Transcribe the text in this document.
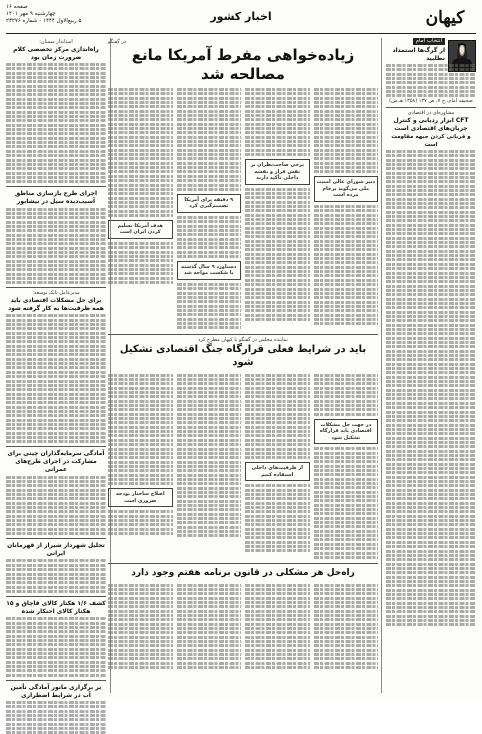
کیهان
اخبار کشور
صفحه ۱۶
چهارشنبه ۹ مهر ۱۴۰۱
۵ ربیع‌الاول ۱۴۴۴ - شماره ۲۳۲۷۶
انتخاب امام
از گرگ‌ها استمداد نطلبید
صحیفه امام، ج ۷، ص ۱۳۷ (۱۳۵۸ هـ.ش)
مشاوره‌ای در اقتصادی
CFT ابزار ردیابی و کنترل جریان‌های اقتصادی است
و قربانی کردن جبهه مقاومت است
در گفتگو
زیاده‌خواهی مفرط آمریکا مانع مصالحه شد
دبیر شورای عالی امنیت ملی می‌گوید برجام مرده است
برخی صاحب‌نظران بر نقش قرار و نقشه داخلی تأکید دارند
۹ دقیقه برای آمریکا تصمیم‌گیری کرد
دستاورد ۹ سال گذشته با شکست مواجه شد
هدف آمریکا تسلیم کردن ایران است
نماینده مجلس در گفتگو با کیهان مطرح کرد
باید در شرایط فعلی قرارگاه جنگ اقتصادی تشکیل شود
در جهت حل مشکلات اقتصادی باید قرارگاه تشکیل شود
از ظرفیت‌های داخلی استفاده کنیم
اصلاح ساختار بودجه ضروری است
راه‌حل هر مشکلی در قانون برنامه هفتم وجود دارد
استاندار سمنان:
راه‌اندازی مرکز تخصصی کلام ضرورت زمان بود
اجرای طرح بازسازی مناطق آسیب‌دیده سیل در نیشابور
مدیرعامل بانک توسعه:
برای حل مشکلات اقتصادی باید همه ظرفیت‌ها به کار گرفته شود
آمادگی سرمایه‌گذاران چینی برای مشارکت در اجرای طرح‌های عمرانی
تحلیل شهردار شیراز از قهرمانان ایرانی
کشف ۱/۶ هکتار کالای قاچاق و ۱۵ هکتار کالای احتکار شده
بر برگزاری مانور آمادگی تأمین آب در شرایط اضطراری
